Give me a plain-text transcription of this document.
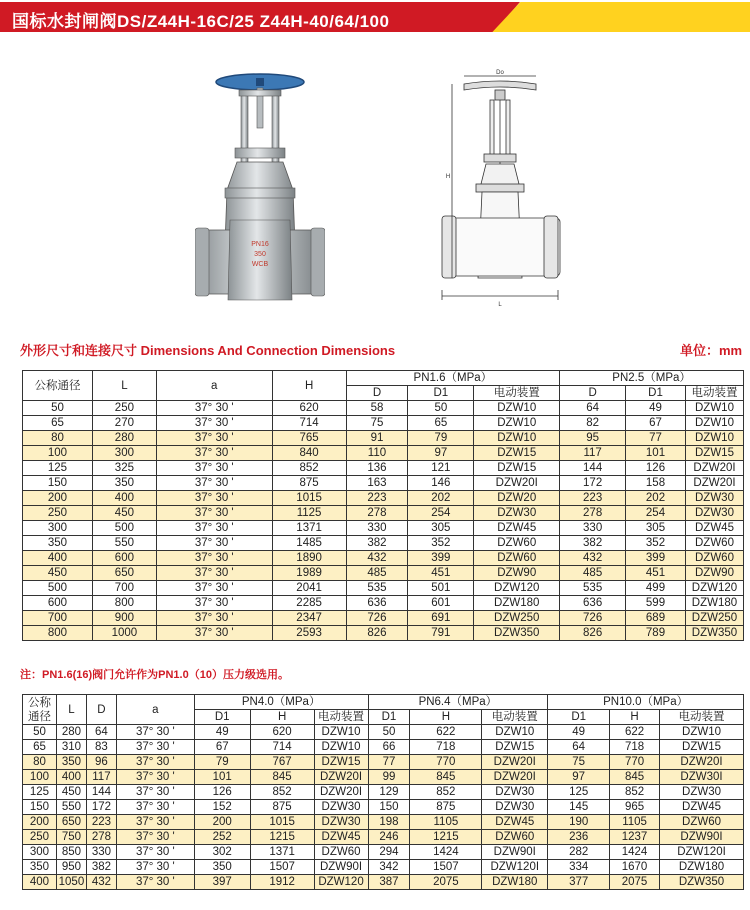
国标水封闸阀DS/Z44H-16C/25 Z44H-40/64/100
PN16
350
WCB
Do
L
H
外形尺寸和连接尺寸 Dimensions And Connection Dimensions	单位：mm
公称通径	L	a	H	PN1.6（MPa）			PN2.5（MPa）		
				D	D1	电动装置	D	D1	电动装置
50	250	37° 30 '	620	58	50	DZW10	64	49	DZW10
65	270	37° 30 '	714	75	65	DZW10	82	67	DZW10
80	280	37° 30 '	765	91	79	DZW10	95	77	DZW10
100	300	37° 30 '	840	110	97	DZW15	117	101	DZW15
125	325	37° 30 '	852	136	121	DZW15	144	126	DZW20I
150	350	37° 30 '	875	163	146	DZW20I	172	158	DZW20I
200	400	37° 30 '	1015	223	202	DZW20	223	202	DZW30
250	450	37° 30 '	1125	278	254	DZW30	278	254	DZW30
300	500	37° 30 '	1371	330	305	DZW45	330	305	DZW45
350	550	37° 30 '	1485	382	352	DZW60	382	352	DZW60
400	600	37° 30 '	1890	432	399	DZW60	432	399	DZW60
450	650	37° 30 '	1989	485	451	DZW90	485	451	DZW90
500	700	37° 30 '	2041	535	501	DZW120	535	499	DZW120
600	800	37° 30 '	2285	636	601	DZW180	636	599	DZW180
700	900	37° 30 '	2347	726	691	DZW250	726	689	DZW250
800	1000	37° 30 '	2593	826	791	DZW350	826	789	DZW350
注：PN1.6(16)阀门允许作为PN1.0（10）压力级选用。
公称
通径	L	D	a	PN4.0（MPa）			PN6.4（MPa）			PN10.0（MPa）		
				D1	H	电动装置	D1	H	电动装置	D1	H	电动装置
50	280	64	37° 30 '	49	620	DZW10	50	622	DZW10	49	622	DZW10
65	310	83	37° 30 '	67	714	DZW10	66	718	DZW15	64	718	DZW15
80	350	96	37° 30 '	79	767	DZW15	77	770	DZW20I	75	770	DZW20I
100	400	117	37° 30 '	101	845	DZW20I	99	845	DZW20I	97	845	DZW30I
125	450	144	37° 30 '	126	852	DZW20I	129	852	DZW30	125	852	DZW30
150	550	172	37° 30 '	152	875	DZW30	150	875	DZW30	145	965	DZW45
200	650	223	37° 30 '	200	1015	DZW30	198	1105	DZW45	190	1105	DZW60
250	750	278	37° 30 '	252	1215	DZW45	246	1215	DZW60	236	1237	DZW90I
300	850	330	37° 30 '	302	1371	DZW60	294	1424	DZW90I	282	1424	DZW120I
350	950	382	37° 30 '	350	1507	DZW90I	342	1507	DZW120I	334	1670	DZW180
400	1050	432	37° 30 '	397	1912	DZW120	387	2075	DZW180	377	2075	DZW350
